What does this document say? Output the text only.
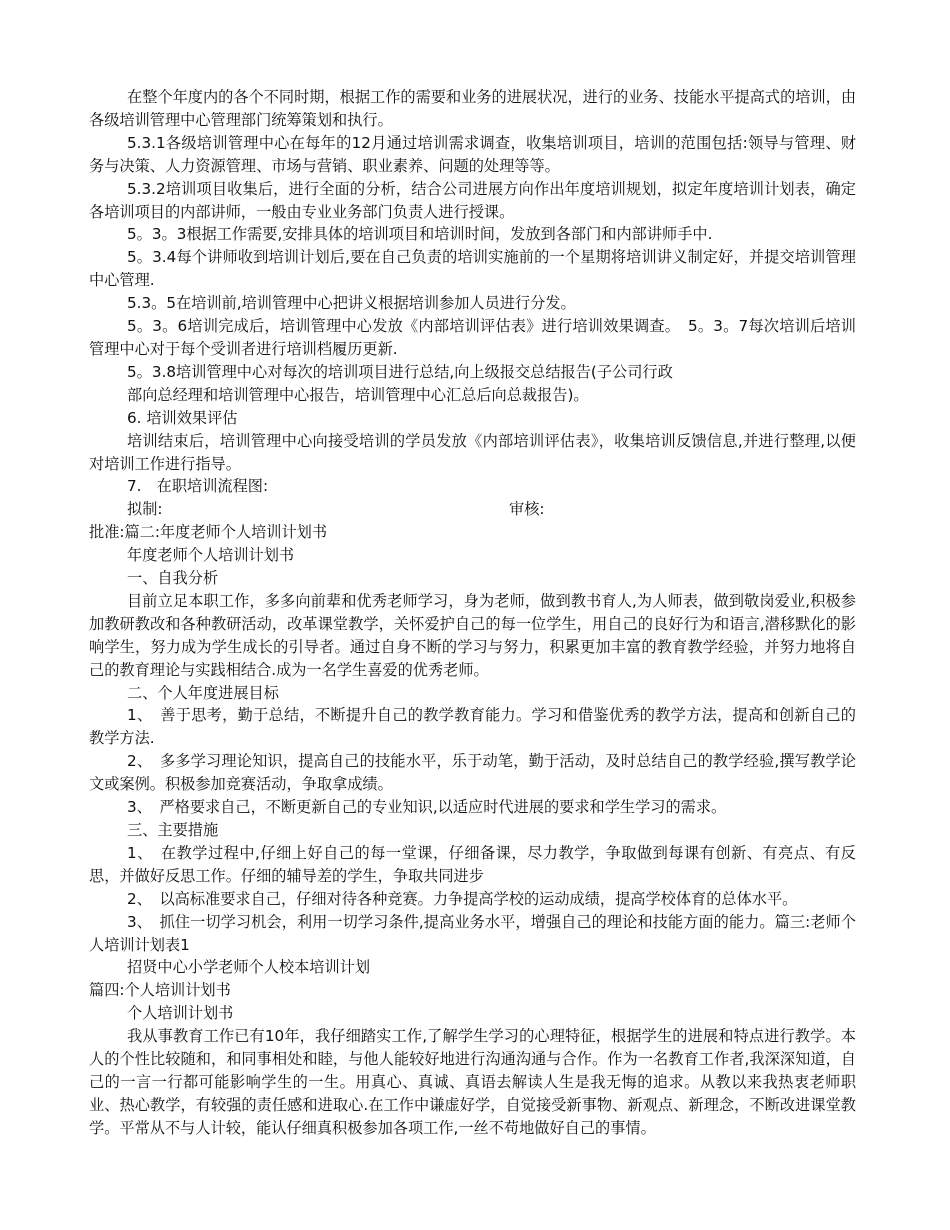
在整个年度内的各个不同时期，根据工作的需要和业务的进展状况，进行的业务、技能水平提高式的培训，由各级培训管理中心管理部门统筹策划和执行。

5.3.1各级培训管理中心在每年的12月通过培训需求调查，收集培训项目，培训的范围包括:领导与管理、财务与决策、人力资源管理、市场与营销、职业素养、问题的处理等等。

5.3.2培训项目收集后，进行全面的分析，结合公司进展方向作出年度培训规划，拟定年度培训计划表，确定各培训项目的内部讲师，一般由专业业务部门负责人进行授课。

5。3。3根据工作需要,安排具体的培训项目和培训时间，发放到各部门和内部讲师手中.

5。3.4每个讲师收到培训计划后,要在自己负责的培训实施前的一个星期将培训讲义制定好，并提交培训管理中心管理.

5.3。5在培训前,培训管理中心把讲义根据培训参加人员进行分发。

5。3。6培训完成后，培训管理中心发放《内部培训评估表》进行培训效果调查。　5。3。7每次培训后培训管理中心对于每个受训者进行培训档履历更新.

5。3.8培训管理中心对每次的培训项目进行总结,向上级报交总结报告(子公司行政

部向总经理和培训管理中心报告，培训管理中心汇总后向总裁报告)。

6. 培训效果评估

培训结束后，培训管理中心向接受培训的学员发放《内部培训评估表》，收集培训反馈信息,并进行整理,以便对培训工作进行指导。

7.　在职培训流程图:

拟制:	审核:

批准:篇二:年度老师个人培训计划书

年度老师个人培训计划书

一、自我分析

目前立足本职工作，多多向前辈和优秀老师学习，身为老师，做到教书育人,为人师表，做到敬岗爱业,积极参加教研教改和各种教研活动，改革课堂教学，关怀爱护自己的每一位学生，用自己的良好行为和语言,潜移默化的影响学生，努力成为学生成长的引导者。通过自身不断的学习与努力，积累更加丰富的教育教学经验，并努力地将自己的教育理论与实践相结合.成为一名学生喜爱的优秀老师。

二、个人年度进展目标

1、　善于思考，勤于总结，不断提升自己的教学教育能力。学习和借鉴优秀的教学方法，提高和创新自己的教学方法.

2、　多多学习理论知识，提高自己的技能水平，乐于动笔，勤于活动，及时总结自己的教学经验,撰写教学论文或案例。积极参加竞赛活动，争取拿成绩。

3、　严格要求自己，不断更新自己的专业知识,以适应时代进展的要求和学生学习的需求。

三、主要措施

1、　在教学过程中,仔细上好自己的每一堂课，仔细备课，尽力教学，争取做到每课有创新、有亮点、有反思，并做好反思工作。仔细的辅导差的学生，争取共同进步

2、　以高标准要求自己，仔细对待各种竞赛。力争提高学校的运动成绩，提高学校体育的总体水平。

3、　抓住一切学习机会，利用一切学习条件,提高业务水平，增强自己的理论和技能方面的能力。篇三:老师个人培训计划表1

招贤中心小学老师个人校本培训计划

篇四:个人培训计划书

个人培训计划书

我从事教育工作已有10年，我仔细踏实工作,了解学生学习的心理特征，根据学生的进展和特点进行教学。本人的个性比较随和，和同事相处和睦，与他人能较好地进行沟通沟通与合作。作为一名教育工作者,我深深知道，自己的一言一行都可能影响学生的一生。用真心、真诚、真语去解读人生是我无悔的追求。从教以来我热衷老师职业、热心教学，有较强的责任感和进取心.在工作中谦虚好学，自觉接受新事物、新观点、新理念，不断改进课堂教学。平常从不与人计较，能认仔细真积极参加各项工作,一丝不苟地做好自己的事情。
